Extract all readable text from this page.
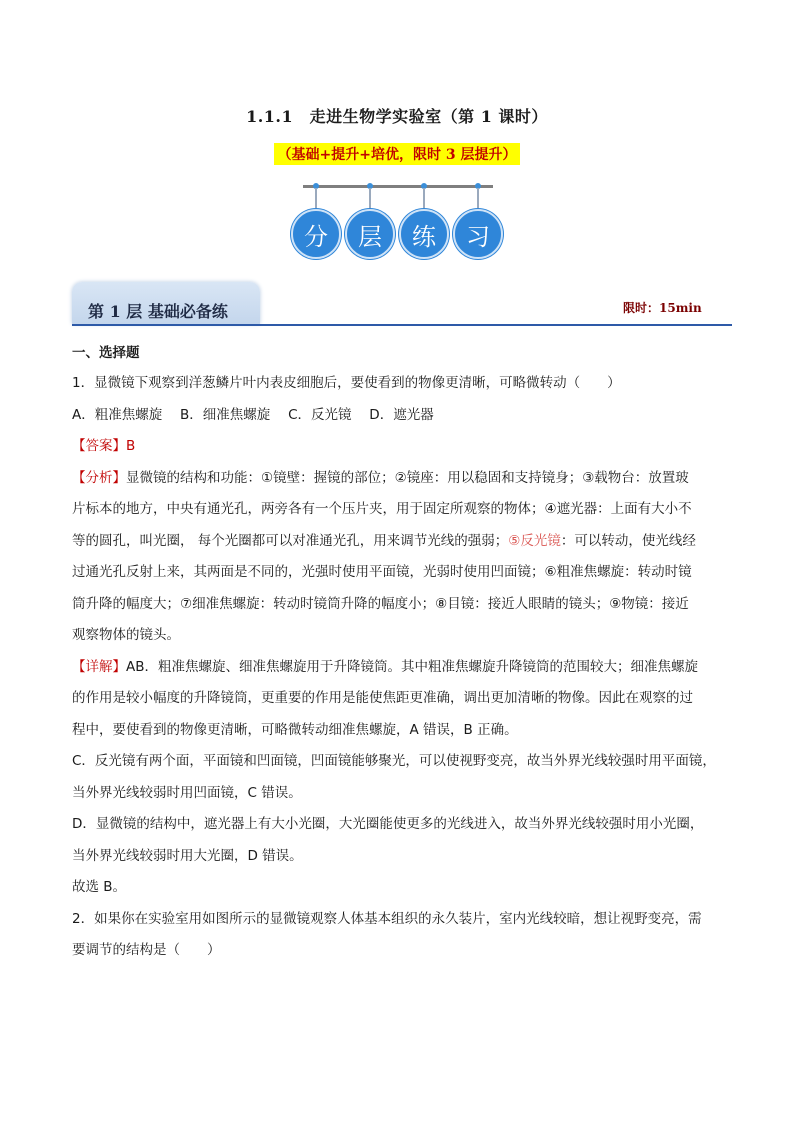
1.1.1　走进生物学实验室（第 1 课时）
（基础+提升+培优，限时 3 层提升）
分	层	练	习
第 1 层 基础必备练	限时：15min
一、选择题
1．显微镜下观察到洋葱鳞片叶内表皮细胞后，要使看到的物像更清晰，可略微转动（　　）
A．粗准焦螺旋　 B．细准焦螺旋　 C．反光镜　 D．遮光器
【答案】B
【分析】显微镜的结构和功能：①镜壁：握镜的部位；②镜座：用以稳固和支持镜身；③载物台：放置玻
片标本的地方，中央有通光孔，两旁各有一个压片夹，用于固定所观察的物体；④遮光器：上面有大小不
等的圆孔，叫光圈， 每个光圈都可以对准通光孔，用来调节光线的强弱；⑤反光镜：可以转动，使光线经
过通光孔反射上来，其两面是不同的，光强时使用平面镜，光弱时使用凹面镜；⑥粗准焦螺旋：转动时镜
筒升降的幅度大；⑦细准焦螺旋：转动时镜筒升降的幅度小；⑧目镜：接近人眼睛的镜头；⑨物镜：接近
观察物体的镜头。
【详解】AB．粗准焦螺旋、细准焦螺旋用于升降镜筒。其中粗准焦螺旋升降镜筒的范围较大；细准焦螺旋
的作用是较小幅度的升降镜筒，更重要的作用是能使焦距更准确，调出更加清晰的物像。因此在观察的过
程中，要使看到的物像更清晰，可略微转动细准焦螺旋，A 错误，B 正确。
C．反光镜有两个面，平面镜和凹面镜，凹面镜能够聚光，可以使视野变亮，故当外界光线较强时用平面镜，
当外界光线较弱时用凹面镜，C 错误。
D．显微镜的结构中，遮光器上有大小光圈，大光圈能使更多的光线进入，故当外界光线较强时用小光圈，
当外界光线较弱时用大光圈，D 错误。
故选 B。
2．如果你在实验室用如图所示的显微镜观察人体基本组织的永久装片，室内光线较暗，想让视野变亮，需
要调节的结构是（　　）
